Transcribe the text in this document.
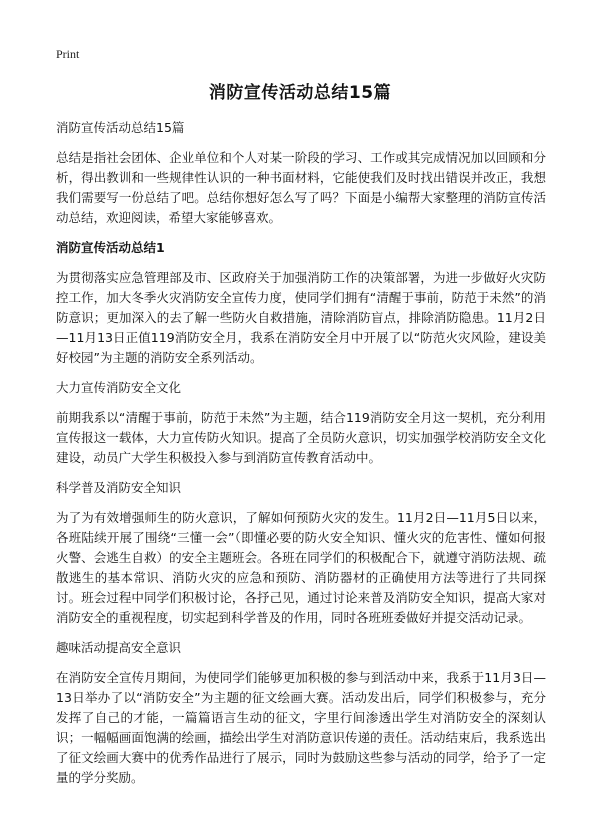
Print
消防宣传活动总结15篇

消防宣传活动总结15篇

总结是指社会团体、企业单位和个人对某一阶段的学习、工作或其完成情况加以回顾和分析，得出教训和一些规律性认识的一种书面材料，它能使我们及时找出错误并改正，我想我们需要写一份总结了吧。总结你想好怎么写了吗？下面是小编帮大家整理的消防宣传活动总结，欢迎阅读，希望大家能够喜欢。

消防宣传活动总结1

为贯彻落实应急管理部及市、区政府关于加强消防工作的决策部署，为进一步做好火灾防控工作，加大冬季火灾消防安全宣传力度，使同学们拥有“清醒于事前，防范于未然”的消防意识；更加深入的去了解一些防火自救措施，清除消防盲点，排除消防隐患。11月2日—11月13日正值119消防安全月，我系在消防安全月中开展了以“防范火灾风险，建设美好校园”为主题的消防安全系列活动。

大力宣传消防安全文化

前期我系以“清醒于事前，防范于未然”为主题，结合119消防安全月这一契机，充分利用宣传报这一载体，大力宣传防火知识。提高了全员防火意识，切实加强学校消防安全文化建设，动员广大学生积极投入参与到消防宣传教育活动中。

科学普及消防安全知识

为了为有效增强师生的防火意识，了解如何预防火灾的发生。11月2日—11月5日以来，各班陆续开展了围绕“三懂一会”（即懂必要的防火安全知识、懂火灾的危害性、懂如何报火警、会逃生自救）的安全主题班会。各班在同学们的积极配合下，就遵守消防法规、疏散逃生的基本常识、消防火灾的应急和预防、消防器材的正确使用方法等进行了共同探讨。班会过程中同学们积极讨论，各抒己见，通过讨论来普及消防安全知识，提高大家对消防安全的重视程度，切实起到科学普及的作用，同时各班班委做好并提交活动记录。

趣味活动提高安全意识

在消防安全宣传月期间，为使同学们能够更加积极的参与到活动中来，我系于11月3日—13日举办了以“消防安全”为主题的征文绘画大赛。活动发出后，同学们积极参与，充分发挥了自己的才能，一篇篇语言生动的征文，字里行间渗透出学生对消防安全的深刻认识；一幅幅画面饱满的绘画，描绘出学生对消防意识传递的责任。活动结束后，我系选出了征文绘画大赛中的优秀作品进行了展示，同时为鼓励这些参与活动的同学，给予了一定量的学分奖励。
